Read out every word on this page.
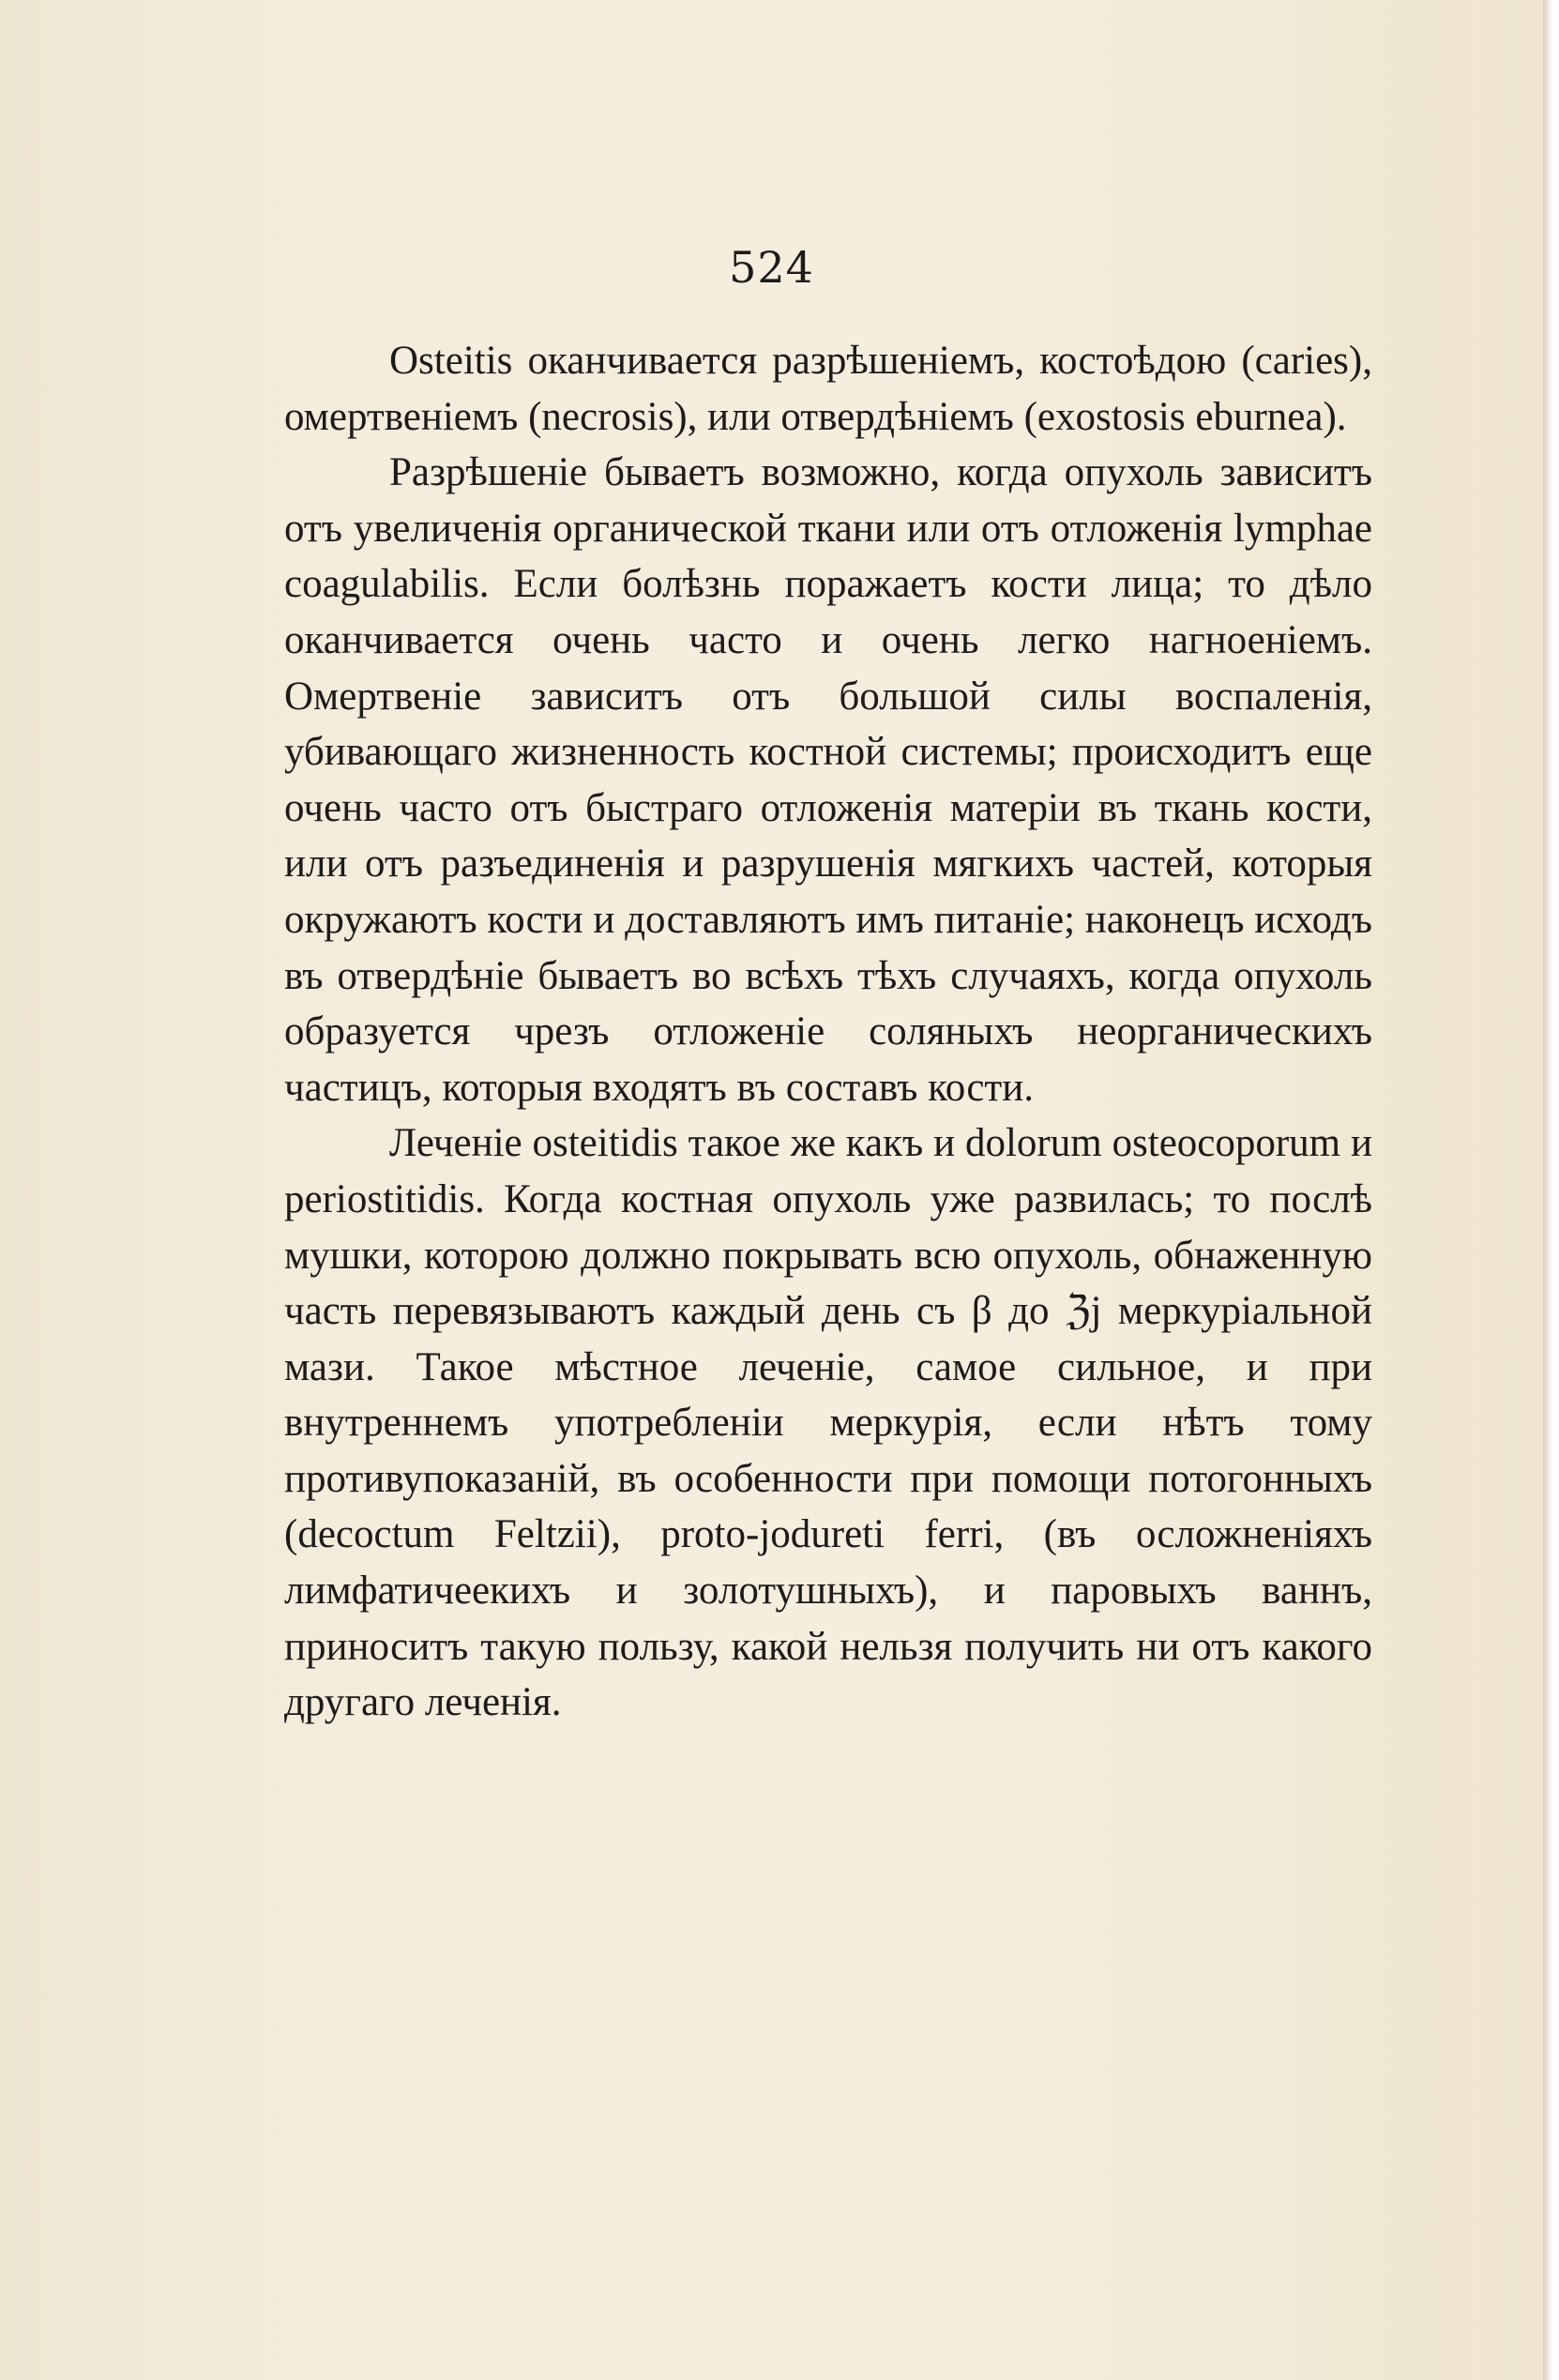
524

Osteitis оканчивается разрѣшеніемъ, костоѣдою (caries), омертвеніемъ (necrosis), или отвердѣніемъ (exostosis eburnea).

Разрѣшеніе бываетъ возможно, когда опухоль зависитъ отъ увеличенія органической ткани или отъ отложенія lymphae coagulabilis. Если болѣзнь поражаетъ кости лица; то дѣло оканчивается очень часто и очень легко нагноеніемъ. Омертвеніе зависитъ отъ большой силы воспаленія, убивающаго жизненность костной системы; происходитъ еще очень часто отъ быстраго отложенія матеріи въ ткань кости, или отъ разъединенія и разрушенія мягкихъ частей, которыя окружаютъ кости и доставляютъ имъ питаніе; наконецъ исходъ въ отвердѣніе бываетъ во всѣхъ тѣхъ случаяхъ, когда опухоль образуется чрезъ отложеніе соляныхъ неорганическихъ частицъ, которыя входятъ въ составъ кости.

Леченіе osteitidis такое же какъ и dolorum osteocoporum и periostitidis. Когда костная опухоль уже развилась; то послѣ мушки, которою должно покрывать всю опухоль, обнаженную часть перевязываютъ каждый день съ β до ℨj меркуріальной мази. Такое мѣстное леченіе, самое сильное, и при внутреннемъ употребленіи меркурія, если нѣтъ тому противупоказаній, въ особенности при помощи потогонныхъ (decoctum Feltzii), proto-jodureti ferri, (въ осложненіяхъ лимфатичеекихъ и золотушныхъ), и паровыхъ ваннъ, приноситъ такую пользу, какой нельзя получить ни отъ какого другаго леченія.
